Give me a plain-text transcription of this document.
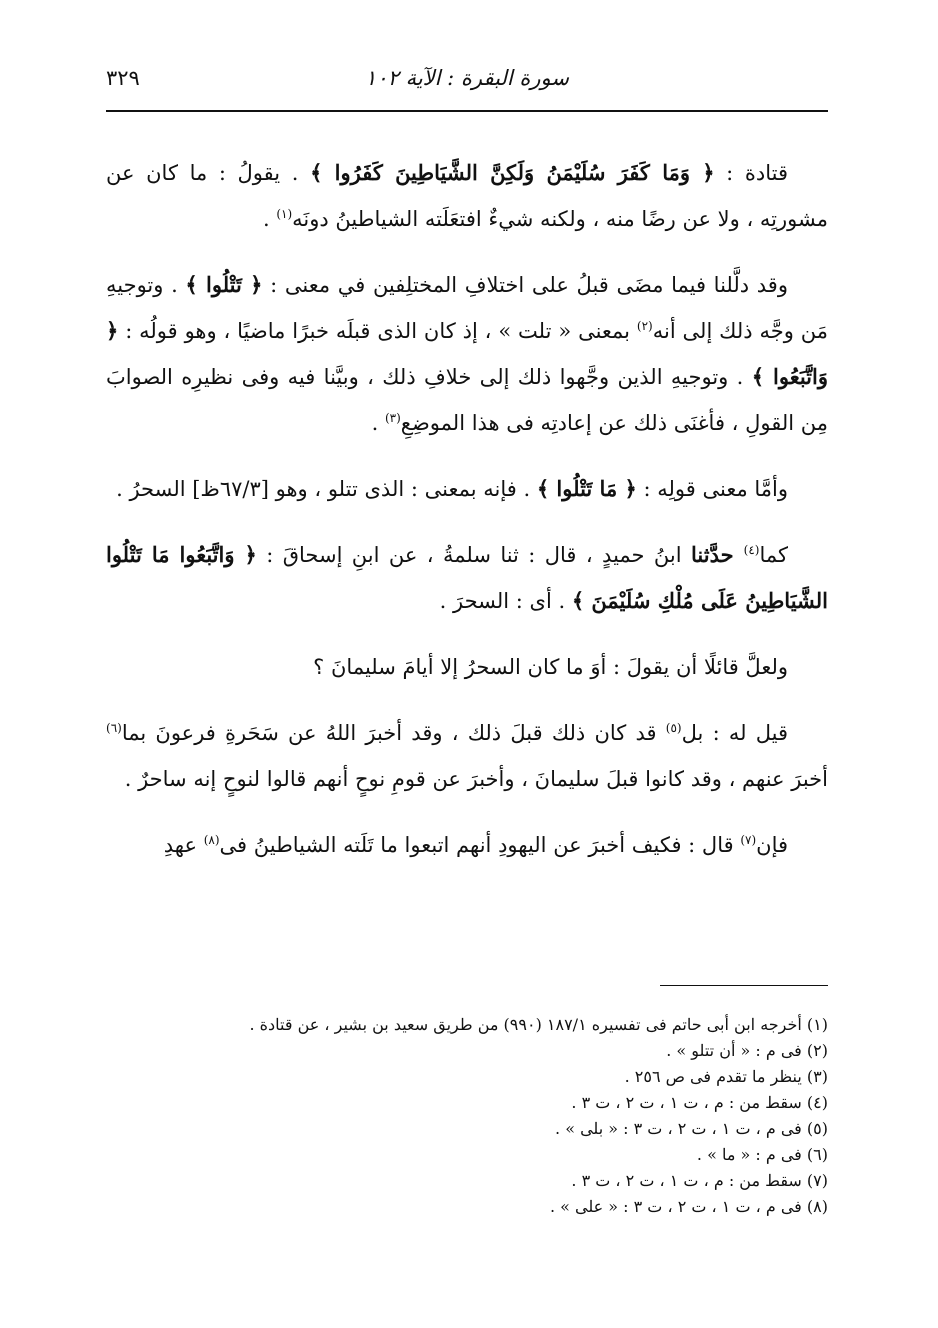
سورة البقرة : الآية ١٠٢
٣٢٩

قتادة : ﴿ وَمَا كَفَرَ سُلَيْمَنُ وَلَكِنَّ الشَّيَاطِينَ كَفَرُوا ﴾ . يقولُ : ما كان عن مشورتِه ، ولا عن رضًا منه ، ولكنه شيءٌ افتعَلَته الشياطينُ دونَه$^{(١)}$ .

وقد دلَّلنا فيما مضَى قبلُ على اختلافِ المختلِفين في معنى : ﴿ تَتْلُوا ﴾ . وتوجيهِ مَن وجَّه ذلك إلى أنه$^{(٢)}$ بمعنى « تلت » ، إذ كان الذى قبلَه خبرًا ماضيًا ، وهو قولُه : ﴿ وَاتَّبَعُوا ﴾ . وتوجيهِ الذين وجَّهوا ذلك إلى خلافِ ذلك ، وبيَّنا فيه وفى نظيرِه الصوابَ مِن القولِ ، فأغنَى ذلك عن إعادتِه فى هذا الموضِعِ$^{(٣)}$ .

وأمَّا معنى قولِه : ﴿ مَا تَتْلُوا ﴾ . فإنه بمعنى : الذى تتلو ، وهو [٦٧/٣ظ] السحرُ .

كما$^{(٤)}$ حدَّثنا ابنُ حميدٍ ، قال : ثنا سلمةُ ، عن ابنِ إسحاقَ : ﴿ وَاتَّبَعُوا مَا تَتْلُوا الشَّيَاطِينُ عَلَى مُلْكِ سُلَيْمَنَ ﴾ . أى : السحرَ .

ولعلَّ قائلًا أن يقولَ : أوَ ما كان السحرُ إلا أيامَ سليمانَ ؟

قيل له : بل$^{(٥)}$ قد كان ذلك قبلَ ذلك ، وقد أخبرَ اللهُ عن سَحَرةِ فرعونَ بما$^{(٦)}$ أخبرَ عنهم ، وقد كانوا قبلَ سليمانَ ، وأخبرَ عن قومِ نوحٍ أنهم قالوا لنوحٍ إنه ساحرٌ .

فإن$^{(٧)}$ قال : فكيف أخبرَ عن اليهودِ أنهم اتبعوا ما تَلَته الشياطينُ فى$^{(٨)}$ عهدِ

(١) أخرجه ابن أبى حاتم فى تفسيره ١٨٧/١ (٩٩٠) من طريق سعيد بن بشير ، عن قتادة .
(٢) فى م : « أن تتلو » .
(٣) ينظر ما تقدم فى ص ٢٥٦ .
(٤) سقط من : م ، ت ١ ، ت ٢ ، ت ٣ .
(٥) فى م ، ت ١ ، ت ٢ ، ت ٣ : « بلى » .
(٦) فى م : « ما » .
(٧) سقط من : م ، ت ١ ، ت ٢ ، ت ٣ .
(٨) فى م ، ت ١ ، ت ٢ ، ت ٣ : « على » .
